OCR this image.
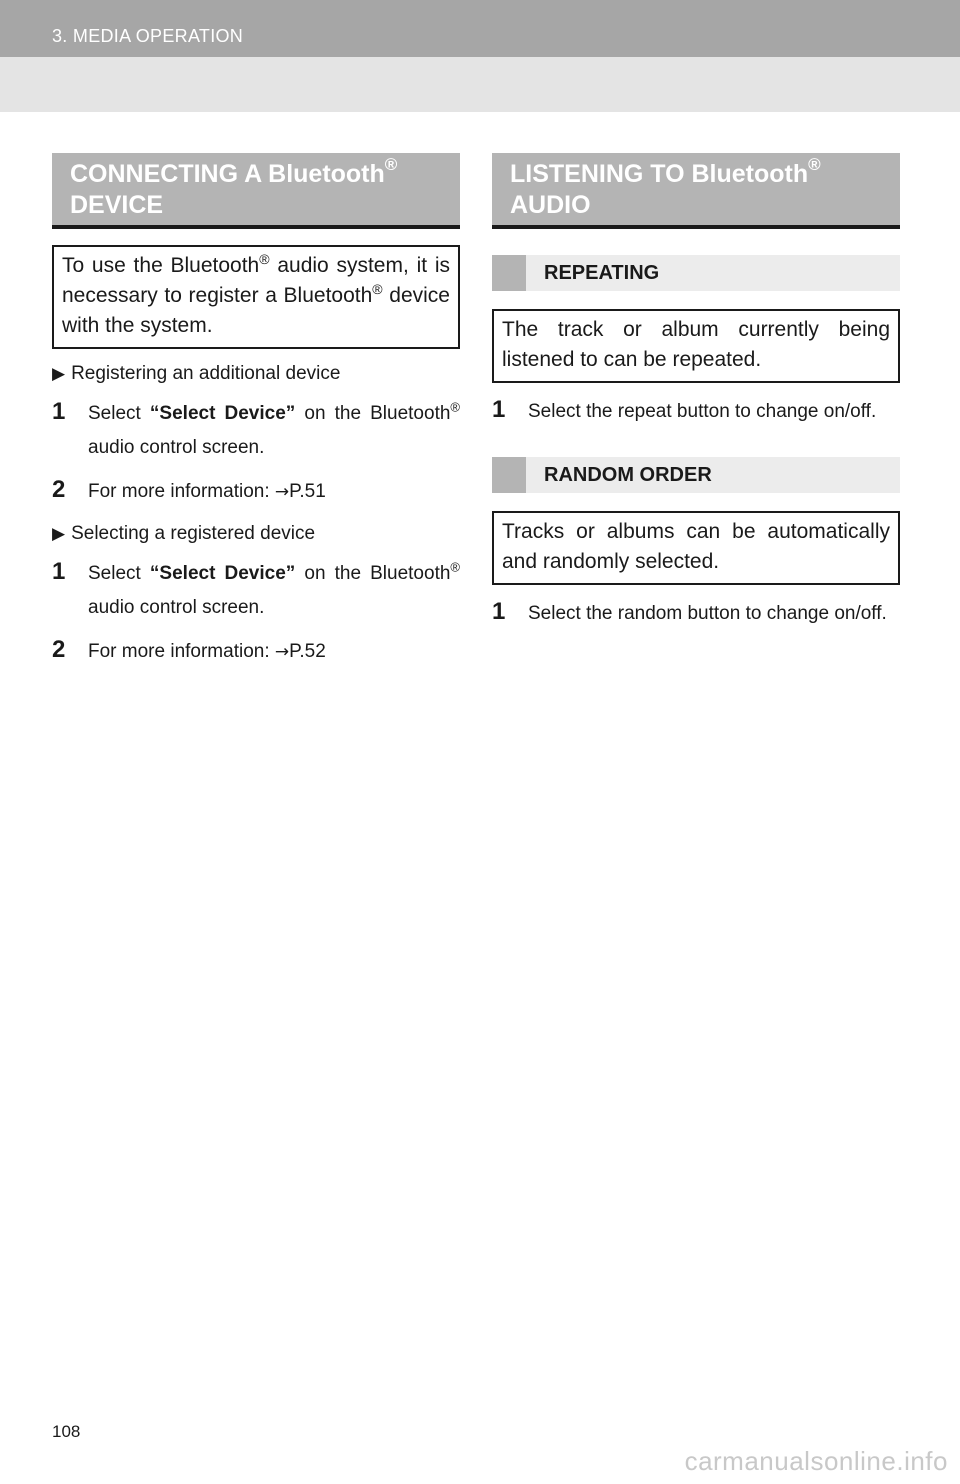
3. MEDIA OPERATION
CONNECTING A Bluetooth®
DEVICE
To use the Bluetooth® audio system, it is necessary to register a Bluetooth® device with the system.
▶ Registering an additional device
1	Select “Select Device” on the Bluetooth® audio control screen.
2	For more information: →P.51
▶ Selecting a registered device
1	Select “Select Device” on the Bluetooth® audio control screen.
2	For more information: →P.52
LISTENING TO Bluetooth®
AUDIO
REPEATING
The track or album currently being listened to can be repeated.
1	Select the repeat button to change on/off.
RANDOM ORDER
Tracks or albums can be automatically and randomly selected.
1	Select the random button to change on/off.
108
carmanualsonline.info
